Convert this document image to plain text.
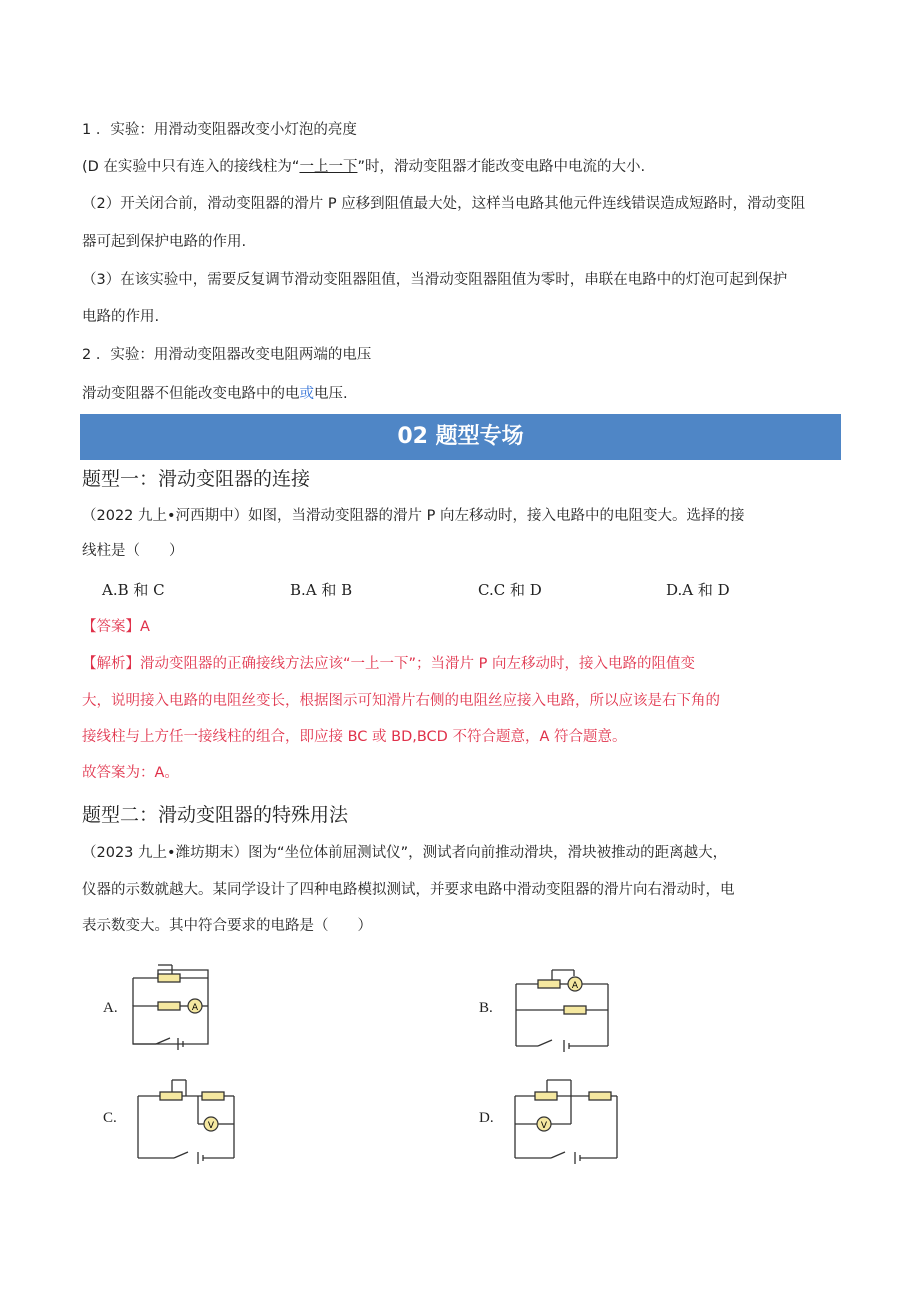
1 ．实验：用滑动变阻器改变小灯泡的亮度
(D 在实验中只有连入的接线柱为“一上一下”时，滑动变阻器才能改变电路中电流的大小.
（2）开关闭合前，滑动变阻器的滑片 P 应移到阻值最大处，这样当电路其他元件连线错误造成短路时，滑动变阻
器可起到保护电路的作用.
（3）在该实验中，需要反复调节滑动变阻器阻值，当滑动变阻器阻值为零时，串联在电路中的灯泡可起到保护
电路的作用.
2 ．实验：用滑动变阻器改变电阻两端的电压
滑动变阻器不但能改变电路中的电或电压.
02 题型专场
题型一：滑动变阻器的连接
（2022 九上•河西期中）如图，当滑动变阻器的滑片 P 向左移动时，接入电路中的电阻变大。选择的接
线柱是（　　）
A.B 和 C	B.A 和 B	C.C 和 D	D.A 和 D
【答案】A
【解析】滑动变阻器的正确接线方法应该“一上一下”；当滑片 P 向左移动时，接入电路的阻值变
大，说明接入电路的电阻丝变长，根据图示可知滑片右侧的电阻丝应接入电路，所以应该是右下角的
接线柱与上方任一接线柱的组合，即应接 BC 或 BD,BCD 不符合题意，A 符合题意。
故答案为：A。
题型二：滑动变阻器的特殊用法
（2023 九上•潍坊期末）图为“坐位体前屈测试仪”，测试者向前推动滑块，滑块被推动的距离越大，
仪器的示数就越大。某同学设计了四种电路模拟测试，并要求电路中滑动变阻器的滑片向右滑动时，电
表示数变大。其中符合要求的电路是（　　）
A.	A	B.
A
C.	V	D.	V
